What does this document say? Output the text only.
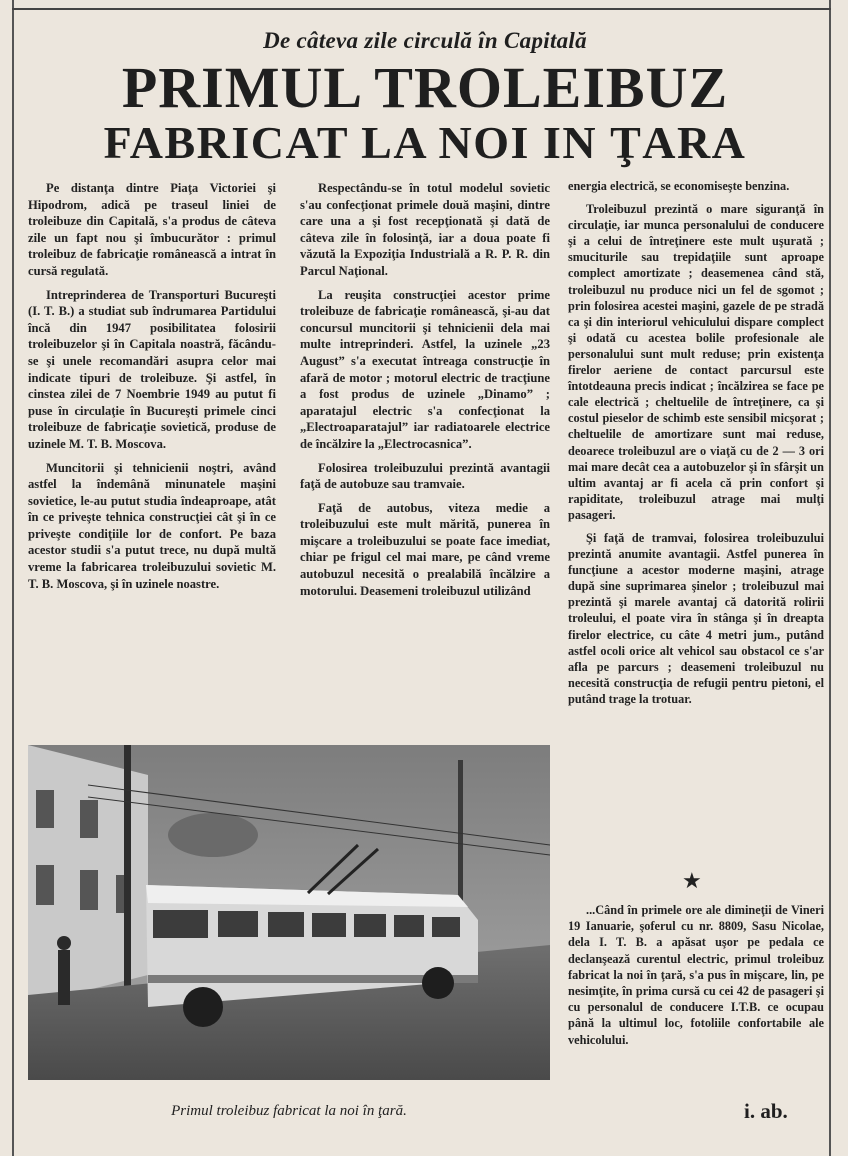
De câteva zile circulă în Capitală
PRIMUL TROLEIBUZ
FABRICAT LA NOI IN ŢARA

Pe distanţa dintre Piaţa Victoriei şi Hipodrom, adică pe traseul liniei de troleibuze din Capitală, s'a produs de câteva zile un fapt nou şi îmbucurător : primul troleibuz de fabricaţie românească a intrat în cursă regulată.

Intreprinderea de Transporturi Bucureşti (I. T. B.) a studiat sub îndrumarea Partidului încă din 1947 posibilitatea folosirii troleibuzelor şi în Capitala noastră, făcându-se şi unele recomandări asupra celor mai indicate tipuri de troleibuze. Şi astfel, în cinstea zilei de 7 Noembrie 1949 au putut fi puse în circulaţie în Bucureşti primele cinci troleibuze de fabricaţie sovietică, produse de uzinele M. T. B. Moscova.

Muncitorii şi tehnicienii noştri, având astfel la îndemână minunatele maşini sovietice, le-au putut studia îndeaproape, atât în ce priveşte tehnica construcţiei cât şi în ce priveşte condiţiile lor de confort. Pe baza acestor studii s'a putut trece, nu după multă vreme la fabricarea troleibuzului sovietic M. T. B. Moscova, şi în uzinele noastre.

Respectându-se în totul modelul sovietic s'au confecţionat primele două maşini, dintre care una a şi fost recepţionată şi dată de câteva zile în folosinţă, iar a doua poate fi văzută la Expoziţia Industrială a R. P. R. din Parcul Naţional.

La reuşita construcţiei acestor prime troleibuze de fabricaţie românească, şi-au dat concursul muncitorii şi tehnicienii dela mai multe intreprinderi. Astfel, la uzinele „23 August” s'a executat întreaga construcţie în afară de motor ; motorul electric de tracţiune a fost produs de uzinele „Dinamo” ; aparatajul electric s'a confecţionat la „Electroaparatajul” iar radiatoarele electrice de încălzire la „Electrocasnica”.

Folosirea troleibuzului prezintă avantagii faţă de autobuze sau tramvaie.

Faţă de autobus, viteza medie a troleibuzului este mult mărită, punerea în mişcare a troleibuzului se poate face imediat, chiar pe frigul cel mai mare, pe când vreme autobuzul necesită o prealabilă încălzire a motorului. Deasemeni troleibuzul utilizând

energia electrică, se economiseşte benzina.

Troleibuzul prezintă o mare siguranţă în circulaţie, iar munca personalului de conducere şi a celui de întreţinere este mult uşurată ; smuciturile sau trepidaţiile sunt aproape complect amortizate ; deasemenea când stă, troleibuzul nu produce nici un fel de sgomot ; prin folosirea acestei maşini, gazele de pe stradă ca şi din interiorul vehiculului dispare complect şi odată cu acestea bolile profesionale ale personalului sunt mult reduse; prin existenţa firelor aeriene de contact parcursul este întotdeauna precis indicat ; încălzirea se face pe cale electrică ; cheltuelile de întreţinere, ca şi costul pieselor de schimb este sensibil micşorat ; cheltuelile de amortizare sunt mai reduse, deoarece troleibuzul are o viaţă cu de 2 — 3 ori mai mare decât cea a autobuzelor şi în sfârşit un ultim avantaj ar fi acela că prin confort şi rapiditate, troleibuzul atrage mai mulţi pasageri.

Şi faţă de tramvai, folosirea troleibuzului prezintă anumite avantagii. Astfel punerea în funcţiune a acestor moderne maşini, atrage după sine suprimarea şinelor ; troleibuzul mai prezintă şi marele avantaj că datorită rolirii troleului, el poate vira în stânga şi în dreapta firelor electrice, cu câte 4 metri jum., putând astfel ocoli orice alt vehicol sau obstacol ce s'ar afla pe parcurs ; deasemeni troleibuzul nu necesită construcţia de refugii pentru pietoni, el putând trage la trotuar.

★

...Când în primele ore ale dimineţii de Vineri 19 Ianuarie, şoferul cu nr. 8809, Sasu Nicolae, dela I. T. B. a apăsat uşor pe pedala ce declanşează curentul electric, primul troleibuz fabricat la noi în ţară, s'a pus în mişcare, lin, pe nesimţite, în prima cursă cu cei 42 de pasageri şi cu personalul de conducere I.T.B. ce ocupau până la ultimul loc, fotoliile confortabile ale vehicolului.

Primul troleibuz fabricat la noi în ţară.	i. ab.
